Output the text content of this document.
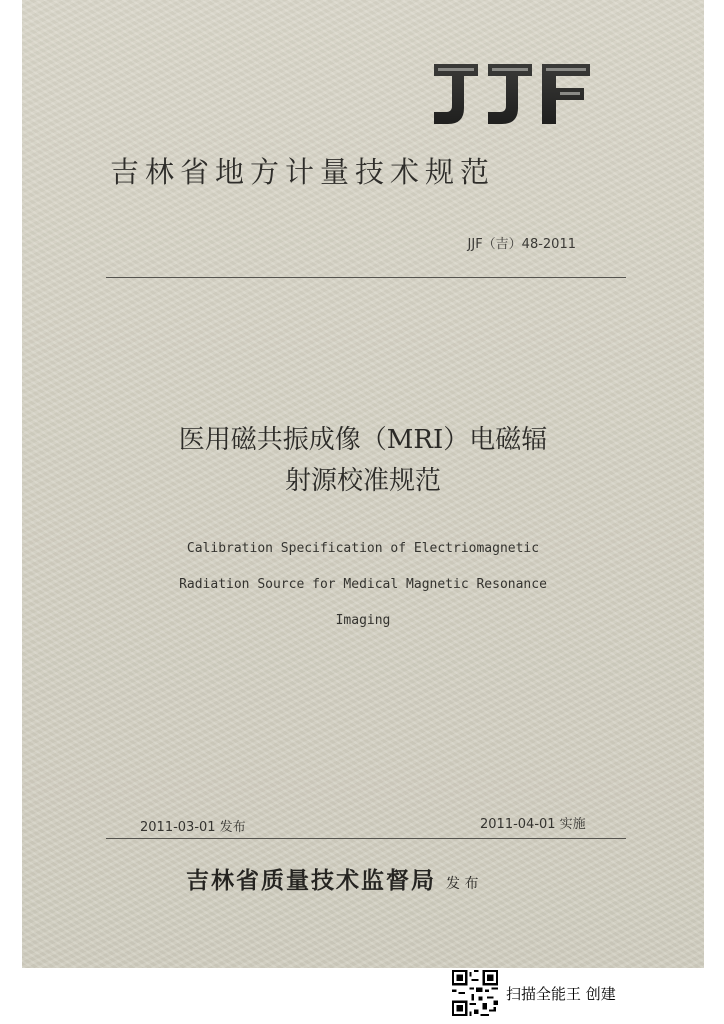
吉林省地方计量技术规范
JJF（吉）48-2011
医用磁共振成像（MRI）电磁辐
射源校准规范
Calibration Specification of Electriomagnetic
Radiation Source for Medical Magnetic Resonance
Imaging
2011-03-01 发布	2011-04-01 实施
吉林省质量技术监督局 发 布
扫描全能王 创建
